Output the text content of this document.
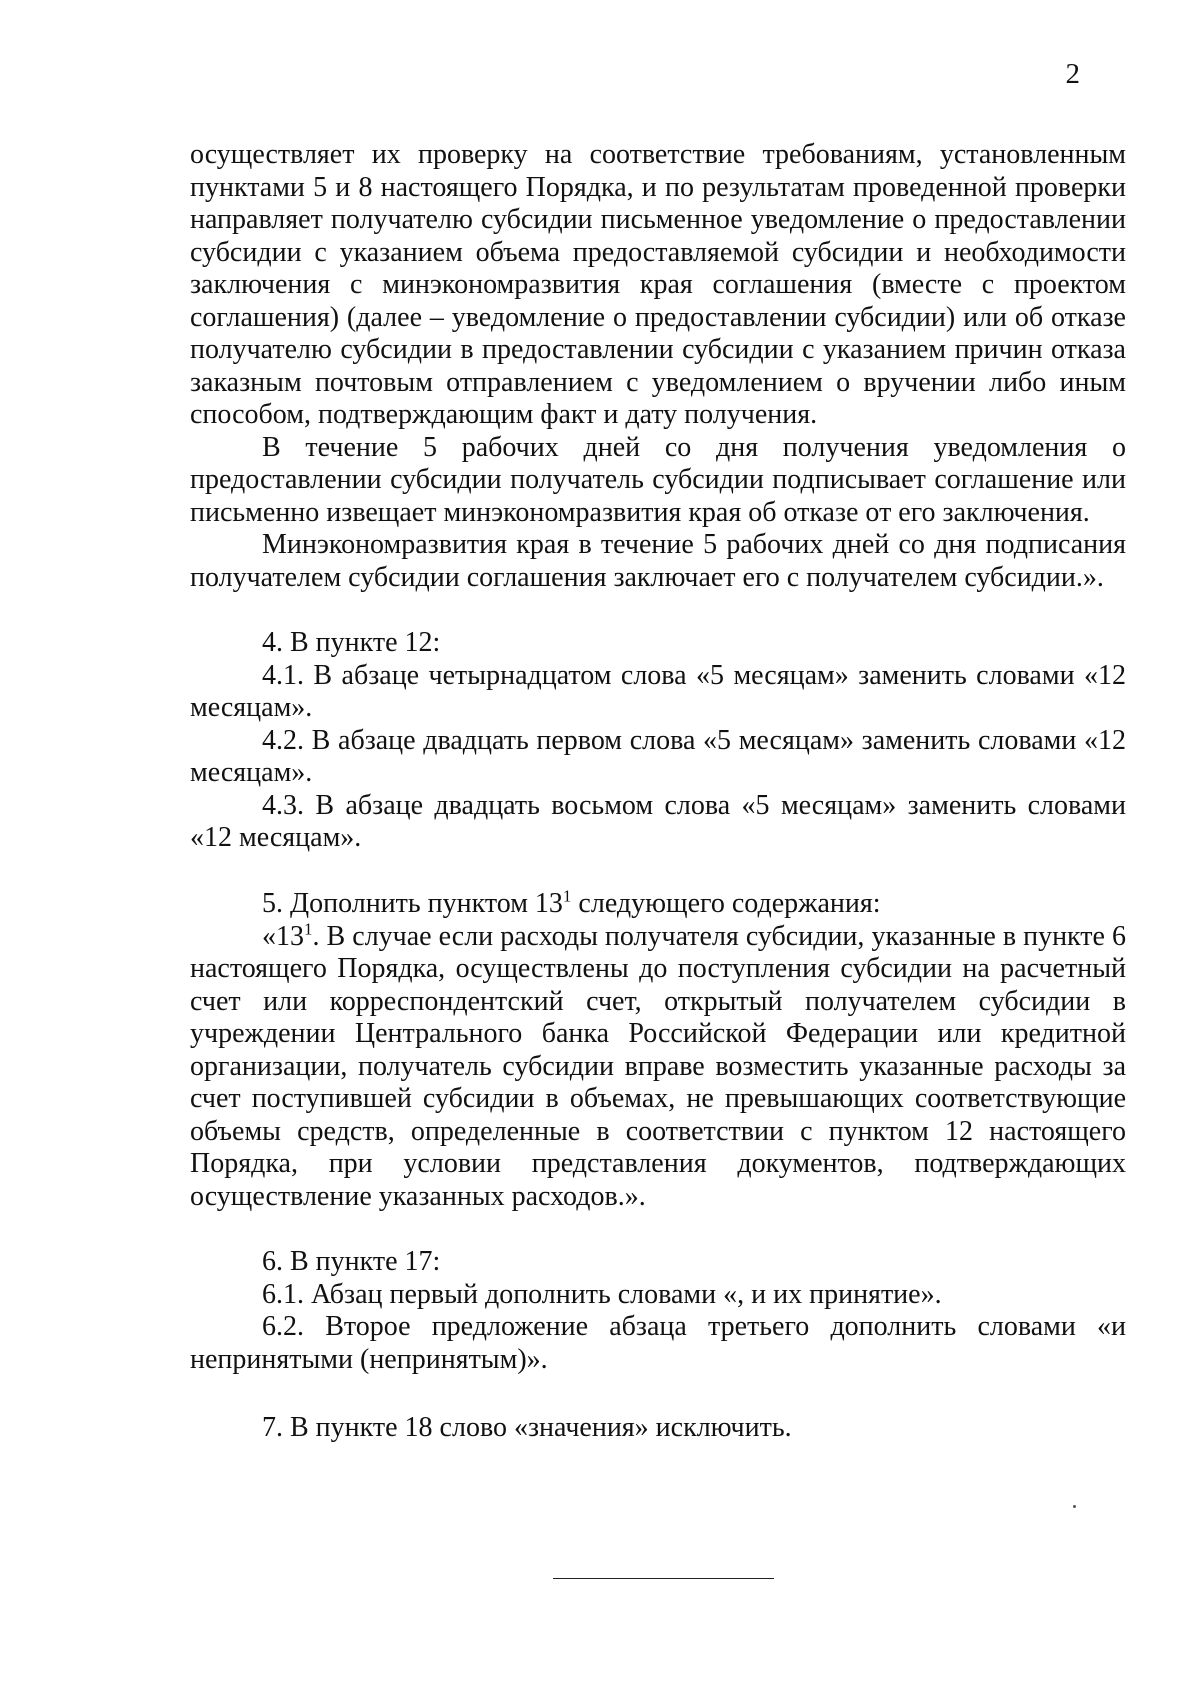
2

осуществляет их проверку на соответствие требованиям, установленным пунктами 5 и 8 настоящего Порядка, и по результатам проведенной проверки направляет получателю субсидии письменное уведомление о предоставлении субсидии с указанием объема предоставляемой субсидии и необходимости заключения с минэкономразвития края соглашения (вместе с проектом соглашения) (далее – уведомление о предоставлении субсидии) или об отказе получателю субсидии в предоставлении субсидии с указанием причин отказа заказным почтовым отправлением с уведомлением о вручении либо иным способом, подтверждающим факт и дату получения.

В течение 5 рабочих дней со дня получения уведомления о предоставлении субсидии получатель субсидии подписывает соглашение или письменно извещает минэкономразвития края об отказе от его заключения.

Минэкономразвития края в течение 5 рабочих дней со дня подписания получателем субсидии соглашения заключает его с получателем субсидии.».

4. В пункте 12:

4.1. В абзаце четырнадцатом слова «5 месяцам» заменить словами «12 месяцам».

4.2. В абзаце двадцать первом слова «5 месяцам» заменить словами «12 месяцам».

4.3. В абзаце двадцать восьмом слова «5 месяцам» заменить словами «12 месяцам».

5. Дополнить пунктом $13^1$ следующего содержания:

«$13^1$. В случае если расходы получателя субсидии, указанные в пункте 6 настоящего Порядка, осуществлены до поступления субсидии на расчетный счет или корреспондентский счет, открытый получателем субсидии в учреждении Центрального банка Российской Федерации или кредитной организации, получатель субсидии вправе возместить указанные расходы за счет поступившей субсидии в объемах, не превышающих соответствующие объемы средств, определенные в соответствии с пунктом 12 настоящего Порядка, при условии представления документов, подтверждающих осуществление указанных расходов.».

6. В пункте 17:

6.1. Абзац первый дополнить словами «, и их принятие».

6.2. Второе предложение абзаца третьего дополнить словами «и непринятыми (непринятым)».

7. В пункте 18 слово «значения» исключить.
